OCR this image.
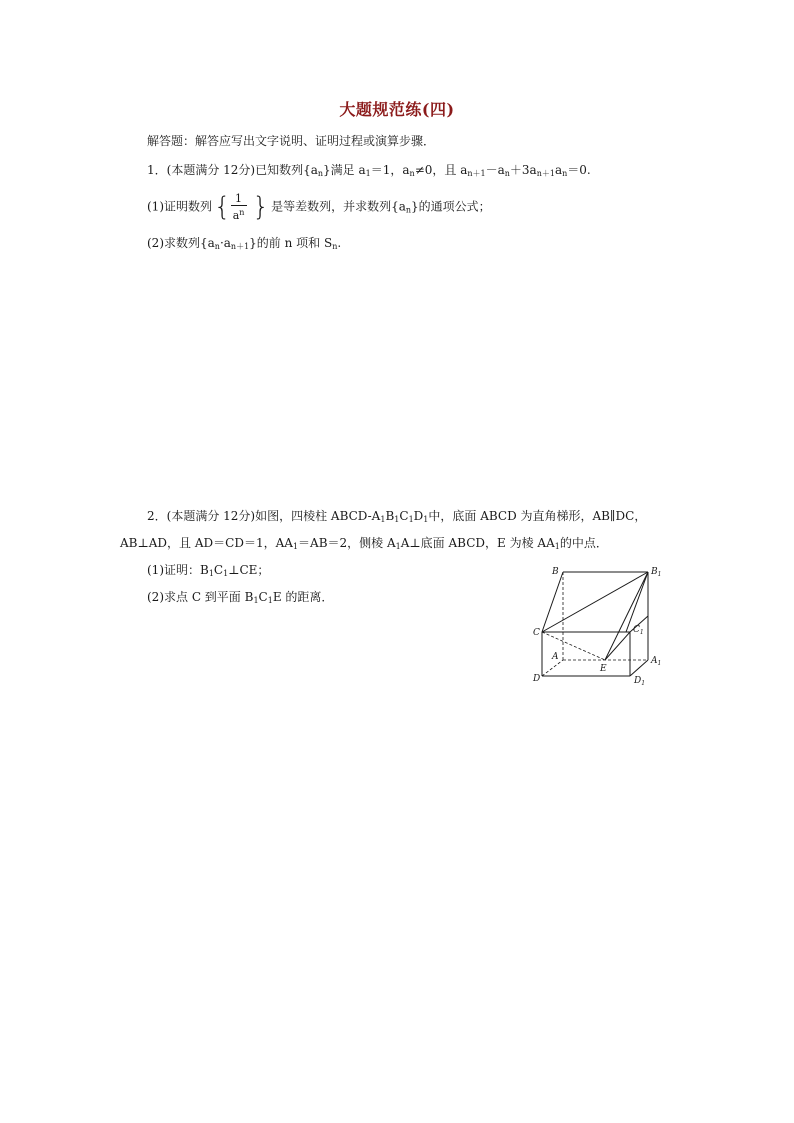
大题规范练(四)
解答题：解答应写出文字说明、证明过程或演算步骤．
1．(本题满分 12分)已知数列$\{a_n\}$满足 $a_1=1$，$a_n\ne 0$，且 $a_{n+1}-a_n+3a_{n+1}a_n=0$.
(1)证明数列{ $\frac{1}{a^n}$ } 是等差数列，并求数列$\{a_n\}$的通项公式；
(2)求数列$\{a_n\cdot a_{n+1}\}$的前 n 项和 $S_n$.
2．(本题满分 12分)如图，四棱柱 ABCD-$A_1B_1C_1D_1$中，底面 ABCD 为直角梯形，AB∥DC，
AB⊥AD，且 AD＝CD＝1，$AA_1=AB=2$，侧棱 $A_1A\perp$底面 ABCD，E 为棱 $AA_1$的中点．
(1)证明：$B_1C_1\perp CE$；
(2)求点 C 到平面 $B_1C_1E$ 的距离．
B	$B_1$
C	$C_1$
A	$A_1$
D	$D_1$
E
